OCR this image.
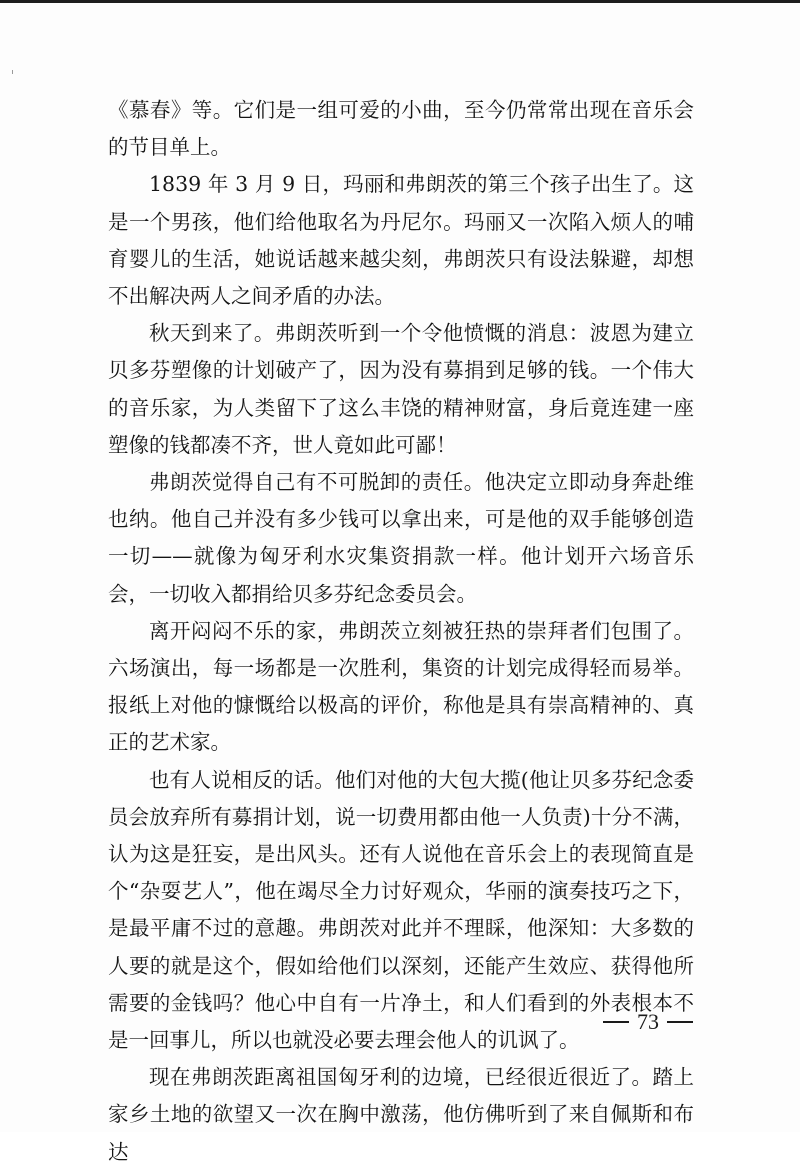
《慕春》等。它们是一组可爱的小曲，至今仍常常出现在音乐会的节目单上。

1839 年 3 月 9 日，玛丽和弗朗茨的第三个孩子出生了。这是一个男孩，他们给他取名为丹尼尔。玛丽又一次陷入烦人的哺育婴儿的生活，她说话越来越尖刻，弗朗茨只有设法躲避，却想不出解决两人之间矛盾的办法。

秋天到来了。弗朗茨听到一个令他愤慨的消息：波恩为建立贝多芬塑像的计划破产了，因为没有募捐到足够的钱。一个伟大的音乐家，为人类留下了这么丰饶的精神财富，身后竟连建一座塑像的钱都凑不齐，世人竟如此可鄙！

弗朗茨觉得自己有不可脱卸的责任。他决定立即动身奔赴维也纳。他自己并没有多少钱可以拿出来，可是他的双手能够创造一切——就像为匈牙利水灾集资捐款一样。他计划开六场音乐会，一切收入都捐给贝多芬纪念委员会。

离开闷闷不乐的家，弗朗茨立刻被狂热的崇拜者们包围了。六场演出，每一场都是一次胜利，集资的计划完成得轻而易举。报纸上对他的慷慨给以极高的评价，称他是具有崇高精神的、真正的艺术家。

也有人说相反的话。他们对他的大包大揽(他让贝多芬纪念委员会放弃所有募捐计划，说一切费用都由他一人负责)十分不满，认为这是狂妄，是出风头。还有人说他在音乐会上的表现简直是个“杂耍艺人”，他在竭尽全力讨好观众，华丽的演奏技巧之下，是最平庸不过的意趣。弗朗茨对此并不理睬，他深知：大多数的人要的就是这个，假如给他们以深刻，还能产生效应、获得他所需要的金钱吗？他心中自有一片净土，和人们看到的外表根本不是一回事儿，所以也就没必要去理会他人的讥讽了。

现在弗朗茨距离祖国匈牙利的边境，已经很近很近了。踏上家乡土地的欲望又一次在胸中激荡，他仿佛听到了来自佩斯和布达

73
